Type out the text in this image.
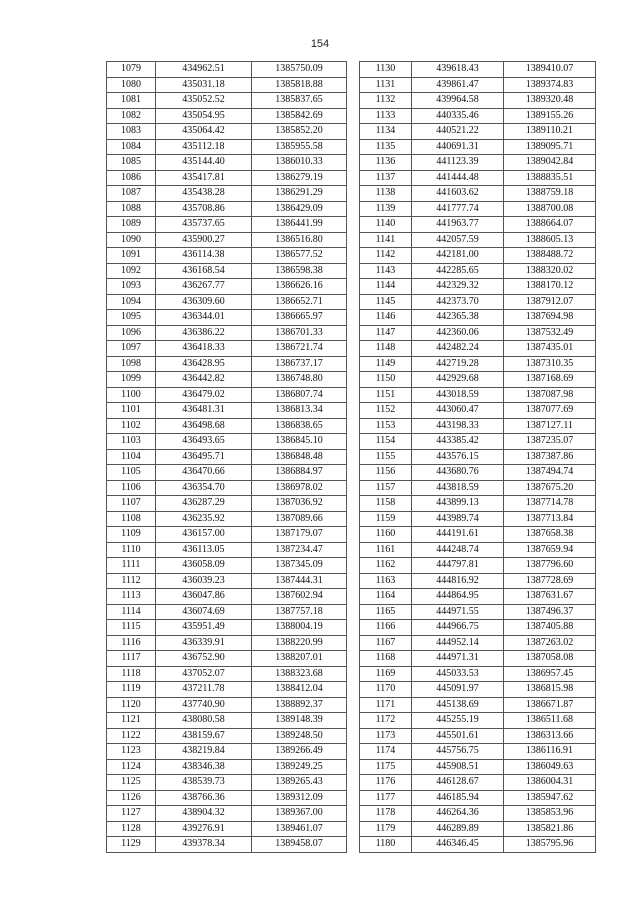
154
1079	434962.51	1385750.09
1080	435031.18	1385818.88
1081	435052.52	1385837.65
1082	435054.95	1385842.69
1083	435064.42	1385852.20
1084	435112.18	1385955.58
1085	435144.40	1386010.33
1086	435417.81	1386279.19
1087	435438.28	1386291.29
1088	435708.86	1386429.09
1089	435737.65	1386441.99
1090	435900.27	1386516.80
1091	436114.38	1386577.52
1092	436168.54	1386598.38
1093	436267.77	1386626.16
1094	436309.60	1386652.71
1095	436344.01	1386665.97
1096	436386.22	1386701.33
1097	436418.33	1386721.74
1098	436428.95	1386737.17
1099	436442.82	1386748.80
1100	436479.02	1386807.74
1101	436481.31	1386813.34
1102	436498.68	1386838.65
1103	436493.65	1386845.10
1104	436495.71	1386848.48
1105	436470.66	1386884.97
1106	436354.70	1386978.02
1107	436287.29	1387036.92
1108	436235.92	1387089.66
1109	436157.00	1387179.07
1110	436113.05	1387234.47
1111	436058.09	1387345.09
1112	436039.23	1387444.31
1113	436047.86	1387602.94
1114	436074.69	1387757.18
1115	435951.49	1388004.19
1116	436339.91	1388220.99
1117	436752.90	1388207.01
1118	437052.07	1388323.68
1119	437211.78	1388412.04
1120	437740.90	1388892.37
1121	438080.58	1389148.39
1122	438159.67	1389248.50
1123	438219.84	1389266.49
1124	438346.38	1389249.25
1125	438539.73	1389265.43
1126	438766.36	1389312.09
1127	438904.32	1389367.00
1128	439276.91	1389461.07
1129	439378.34	1389458.07
1130	439618.43	1389410.07
1131	439861.47	1389374.83
1132	439964.58	1389320.48
1133	440335.46	1389155.26
1134	440521.22	1389110.21
1135	440691.31	1389095.71
1136	441123.39	1389042.84
1137	441444.48	1388835.51
1138	441603.62	1388759.18
1139	441777.74	1388700.08
1140	441963.77	1388664.07
1141	442057.59	1388605.13
1142	442181.00	1388488.72
1143	442285.65	1388320.02
1144	442329.32	1388170.12
1145	442373.70	1387912.07
1146	442365.38	1387694.98
1147	442360.06	1387532.49
1148	442482.24	1387435.01
1149	442719.28	1387310.35
1150	442929.68	1387168.69
1151	443018.59	1387087.98
1152	443060.47	1387077.69
1153	443198.33	1387127.11
1154	443385.42	1387235.07
1155	443576.15	1387387.86
1156	443680.76	1387494.74
1157	443818.59	1387675.20
1158	443899.13	1387714.78
1159	443989.74	1387713.84
1160	444191.61	1387658.38
1161	444248.74	1387659.94
1162	444797.81	1387796.60
1163	444816.92	1387728.69
1164	444864.95	1387631.67
1165	444971.55	1387496.37
1166	444966.75	1387405.88
1167	444952.14	1387263.02
1168	444971.31	1387058.08
1169	445033.53	1386957.45
1170	445091.97	1386815.98
1171	445138.69	1386671.87
1172	445255.19	1386511.68
1173	445501.61	1386313.66
1174	445756.75	1386116.91
1175	445908.51	1386049.63
1176	446128.67	1386004.31
1177	446185.94	1385947.62
1178	446264.36	1385853.96
1179	446289.89	1385821.86
1180	446346.45	1385795.96
